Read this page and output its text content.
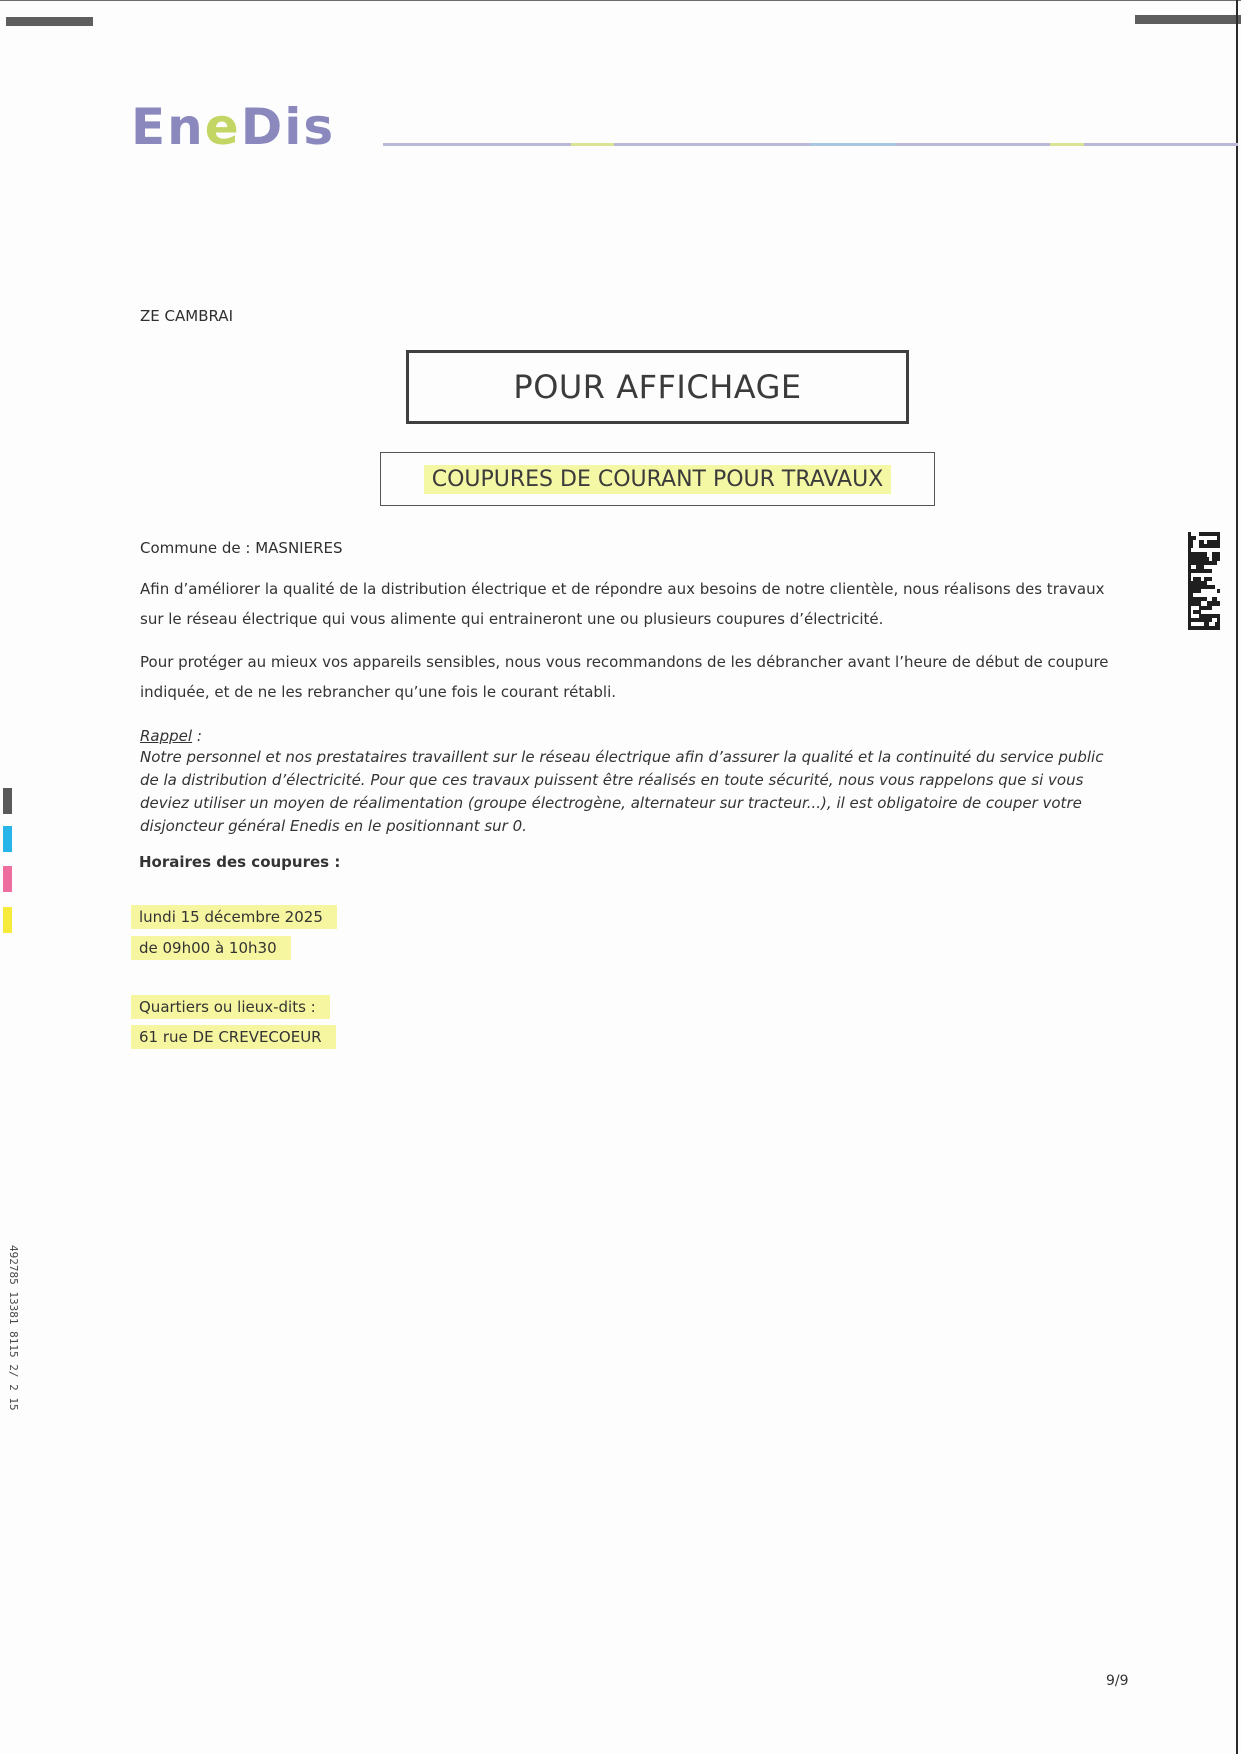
EneDis
ZE CAMBRAI
POUR AFFICHAGE
COUPURES DE COURANT POUR TRAVAUX
Commune de : MASNIERES
Afin d’améliorer la qualité de la distribution électrique et de répondre aux besoins de notre clientèle, nous réalisons des travaux
sur le réseau électrique qui vous alimente qui entraineront une ou plusieurs coupures d’électricité.
Pour protéger au mieux vos appareils sensibles, nous vous recommandons de les débrancher avant l’heure de début de coupure
indiquée, et de ne les rebrancher qu’une fois le courant rétabli.
Rappel :
Notre personnel et nos prestataires travaillent sur le réseau électrique afin d’assurer la qualité et la continuité du service public
de la distribution d’électricité. Pour que ces travaux puissent être réalisés en toute sécurité, nous vous rappelons que si vous
deviez utiliser un moyen de réalimentation (groupe électrogène, alternateur sur tracteur...), il est obligatoire de couper votre
disjoncteur général Enedis en le positionnant sur 0.
Horaires des coupures :
lundi 15 décembre 2025
de 09h00 à 10h30
Quartiers ou lieux-dits :
61 rue DE CREVECOEUR
492785 13381 8115 2/ 2 15
9/9
